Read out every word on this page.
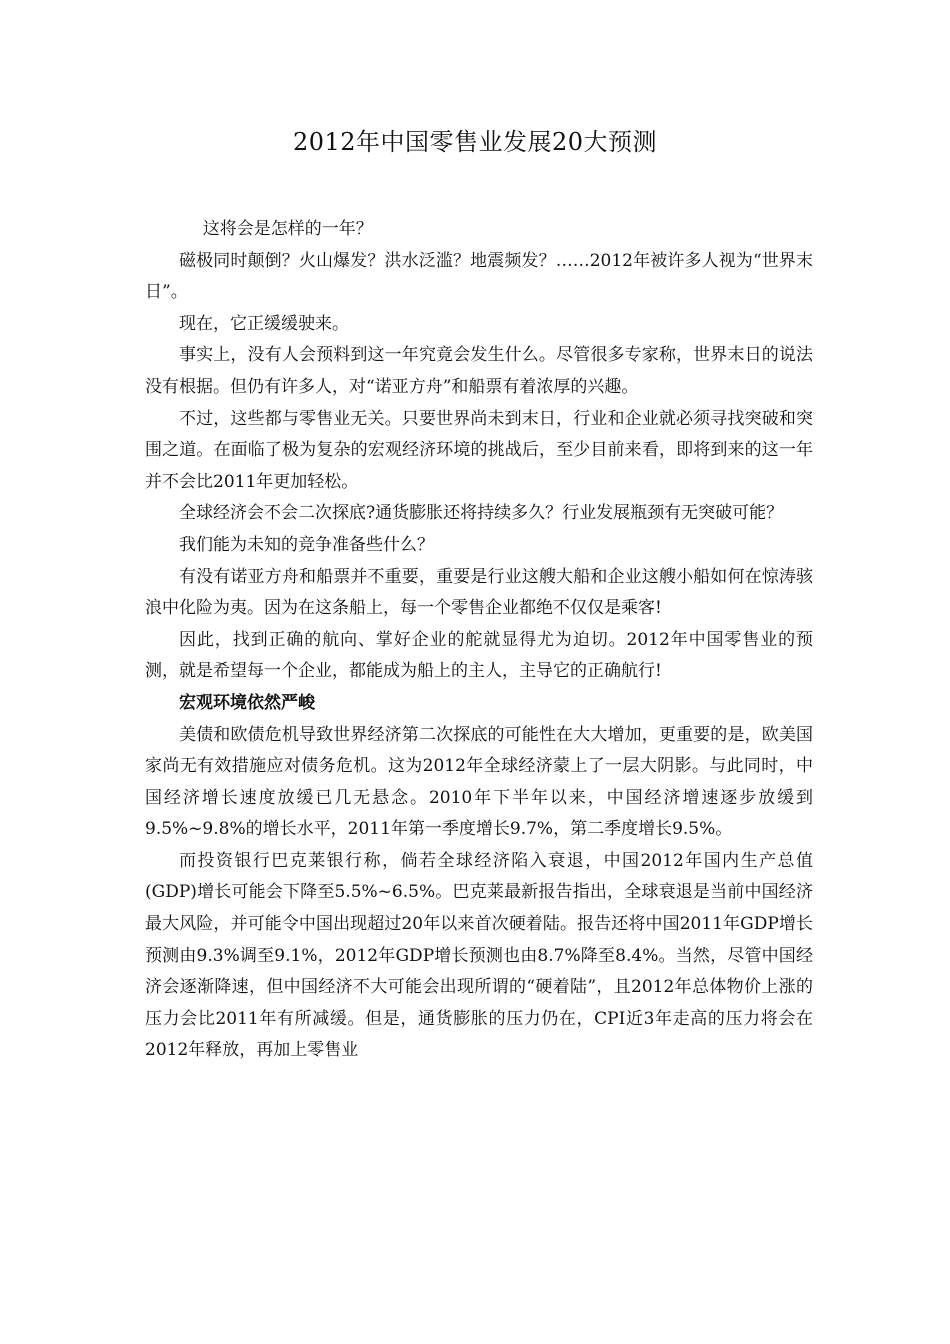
2012年中国零售业发展20大预测

这将会是怎样的一年？

磁极同时颠倒？火山爆发？洪水泛滥？地震频发？……2012年被许多人视为“世界末日”。

现在，它正缓缓驶来。

事实上，没有人会预料到这一年究竟会发生什么。尽管很多专家称，世界末日的说法没有根据。但仍有许多人，对“诺亚方舟”和船票有着浓厚的兴趣。

不过，这些都与零售业无关。只要世界尚未到末日，行业和企业就必须寻找突破和突围之道。在面临了极为复杂的宏观经济环境的挑战后，至少目前来看，即将到来的这一年并不会比2011年更加轻松。

全球经济会不会二次探底?通货膨胀还将持续多久？行业发展瓶颈有无突破可能？

我们能为未知的竞争准备些什么？

有没有诺亚方舟和船票并不重要，重要是行业这艘大船和企业这艘小船如何在惊涛骇浪中化险为夷。因为在这条船上，每一个零售企业都绝不仅仅是乘客!

因此，找到正确的航向、掌好企业的舵就显得尤为迫切。2012年中国零售业的预测，就是希望每一个企业，都能成为船上的主人，主导它的正确航行!

宏观环境依然严峻

美债和欧债危机导致世界经济第二次探底的可能性在大大增加，更重要的是，欧美国家尚无有效措施应对债务危机。这为2012年全球经济蒙上了一层大阴影。与此同时，中国经济增长速度放缓已几无悬念。2010年下半年以来，中国经济增速逐步放缓到9.5%~9.8%的增长水平，2011年第一季度增长9.7%，第二季度增长9.5%。

而投资银行巴克莱银行称，倘若全球经济陷入衰退，中国2012年国内生产总值(GDP)增长可能会下降至5.5%~6.5%。巴克莱最新报告指出，全球衰退是当前中国经济最大风险，并可能令中国出现超过20年以来首次硬着陆。报告还将中国2011年GDP增长预测由9.3%调至9.1%，2012年GDP增长预测也由8.7%降至8.4%。当然，尽管中国经济会逐渐降速，但中国经济不大可能会出现所谓的“硬着陆”，且2012年总体物价上涨的压力会比2011年有所减缓。但是，通货膨胀的压力仍在，CPI近3年走高的压力将会在2012年释放，再加上零售业
